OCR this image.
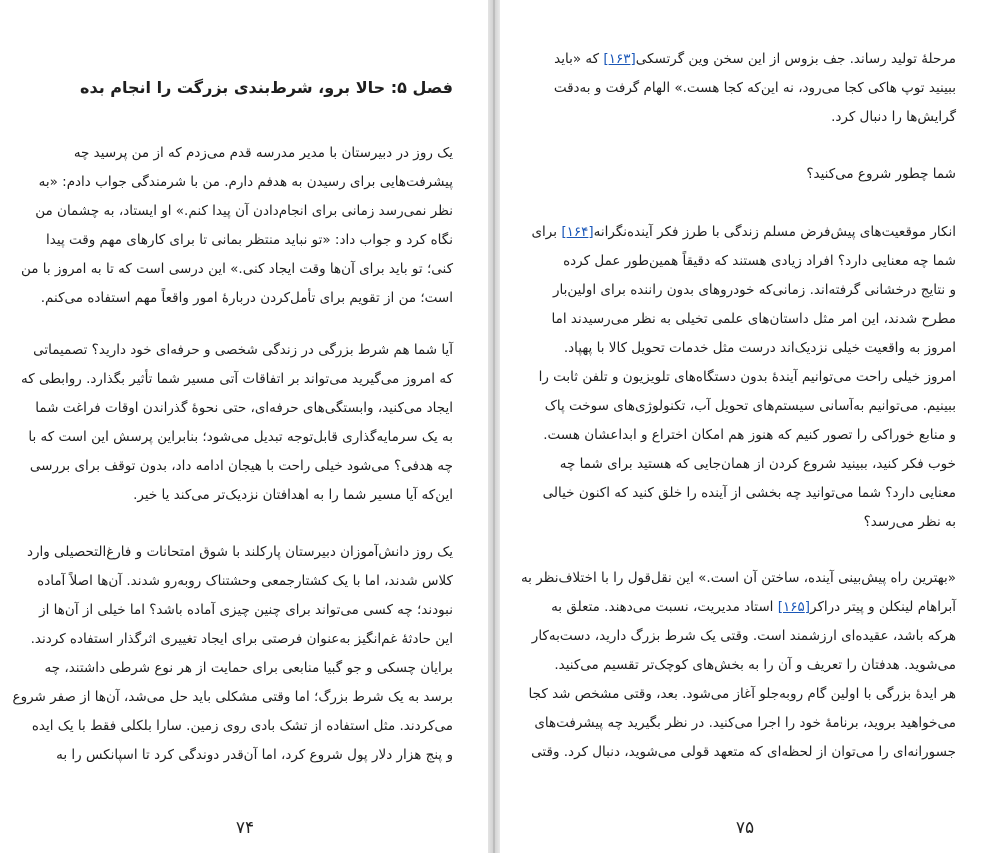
فصل ۵: حالا برو، شرط‌بندی بزرگت را انجام بده
یک روز در دبیرستان با مدیر مدرسه قدم می‌زدم که از من پرسید چه
پیشرفت‌هایی برای رسیدن به هدفم دارم. من با شرمندگی جواب دادم: «به
نظر نمی‌رسد زمانی برای انجام‌دادن آن پیدا کنم.» او ایستاد، به چشمان من
نگاه کرد و جواب داد: «تو نباید منتظر بمانی تا برای کارهای مهم وقت پیدا
کنی؛ تو باید برای آن‌ها وقت ایجاد کنی.» این درسی است که تا به امروز با من
است؛ من از تقویم برای تأمل‌کردن دربارهٔ امور واقعاً مهم استفاده می‌کنم.
آیا شما هم شرط بزرگی در زندگی شخصی و حرفه‌ای خود دارید؟ تصمیماتی
که امروز می‌گیرید می‌تواند بر اتفاقات آتی مسیر شما تأثیر بگذارد. روابطی که
ایجاد می‌کنید، وابستگی‌های حرفه‌ای، حتی نحوهٔ گذراندن اوقات فراغت شما
به یک سرمایه‌گذاری قابل‌توجه تبدیل می‌شود؛ بنابراین پرسش این است که با
چه هدفی؟ می‌شود خیلی راحت با هیجان ادامه داد، بدون توقف برای بررسی
این‌که آیا مسیر شما را به اهدافتان نزدیک‌تر می‌کند یا خیر.
یک روز دانش‌آموزان دبیرستان پارکلند با شوق امتحانات و فارغ‌التحصیلی وارد
کلاس شدند، اما با یک کشتارجمعی وحشتناک روبه‌رو شدند. آن‌ها اصلاً آماده
نبودند؛ چه کسی می‌تواند برای چنین چیزی آماده باشد؟ اما خیلی از آن‌ها از
این حادثهٔ غم‌انگیز به‌عنوان فرصتی برای ایجاد تغییری اثرگذار استفاده کردند.
برایان چسکی و جو گبیا منابعی برای حمایت از هر نوع شرطی داشتند، چه
برسد به یک شرط بزرگ؛ اما وقتی مشکلی باید حل می‌شد، آن‌ها از صفر شروع
می‌کردند. مثل استفاده از تشک بادی روی زمین. سارا بلکلی فقط با یک ایده
و پنج هزار دلار پول شروع کرد، اما آن‌قدر دوندگی کرد تا اسپانکس را به
۷۴
مرحلهٔ تولید رساند. جف بزوس از این سخن وین گرتسکی[۱۶۳] که «باید
ببینید توپ هاکی کجا می‌رود، نه این‌که کجا هست.» الهام گرفت و به‌دقت
گرایش‌ها را دنبال کرد.
شما چطور شروع می‌کنید؟
انکار موقعیت‌های پیش‌فرض مسلم زندگی با طرز فکر آینده‌نگرانه[۱۶۴] برای
شما چه معنایی دارد؟ افراد زیادی هستند که دقیقاً همین‌طور عمل کرده
و نتایج درخشانی گرفته‌اند. زمانی‌که خودروهای بدون راننده برای اولین‌بار
مطرح شدند، این امر مثل داستان‌های علمی تخیلی به نظر می‌رسیدند اما
امروز به واقعیت خیلی نزدیک‌اند درست مثل خدمات تحویل کالا با پهپاد.
امروز خیلی راحت می‌توانیم آیندهٔ بدون دستگاه‌های تلویزیون و تلفن ثابت را
ببینیم. می‌توانیم به‌آسانی سیستم‌های تحویل آب، تکنولوژی‌های سوخت پاک
و منابع خوراکی را تصور کنیم که هنوز هم امکان اختراع و ابداعشان هست.
خوب فکر کنید، ببینید شروع کردن از همان‌جایی که هستید برای شما چه
معنایی دارد؟ شما می‌توانید چه بخشی از آینده را خلق کنید که اکنون خیالی
به نظر می‌رسد؟
«بهترین راه پیش‌بینی آینده، ساختن آن است.» این نقل‌قول را با اختلاف‌نظر به
آبراهام لینکلن و پیتر دراکر[۱۶۵] استاد مدیریت، نسبت می‌دهند. متعلق به
هرکه باشد، عقیده‌ای ارزشمند است. وقتی یک شرط بزرگ دارید، دست‌به‌کار
می‌شوید. هدفتان را تعریف و آن را به بخش‌های کوچک‌تر تقسیم می‌کنید.
هر ایدهٔ بزرگی با اولین گام روبه‌جلو آغاز می‌شود. بعد، وقتی مشخص شد کجا
می‌خواهید بروید، برنامهٔ خود را اجرا می‌کنید. در نظر بگیرید چه پیشرفت‌های
جسورانه‌ای را می‌توان از لحظه‌ای که متعهد قولی می‌شوید، دنبال کرد. وقتی
۷۵
